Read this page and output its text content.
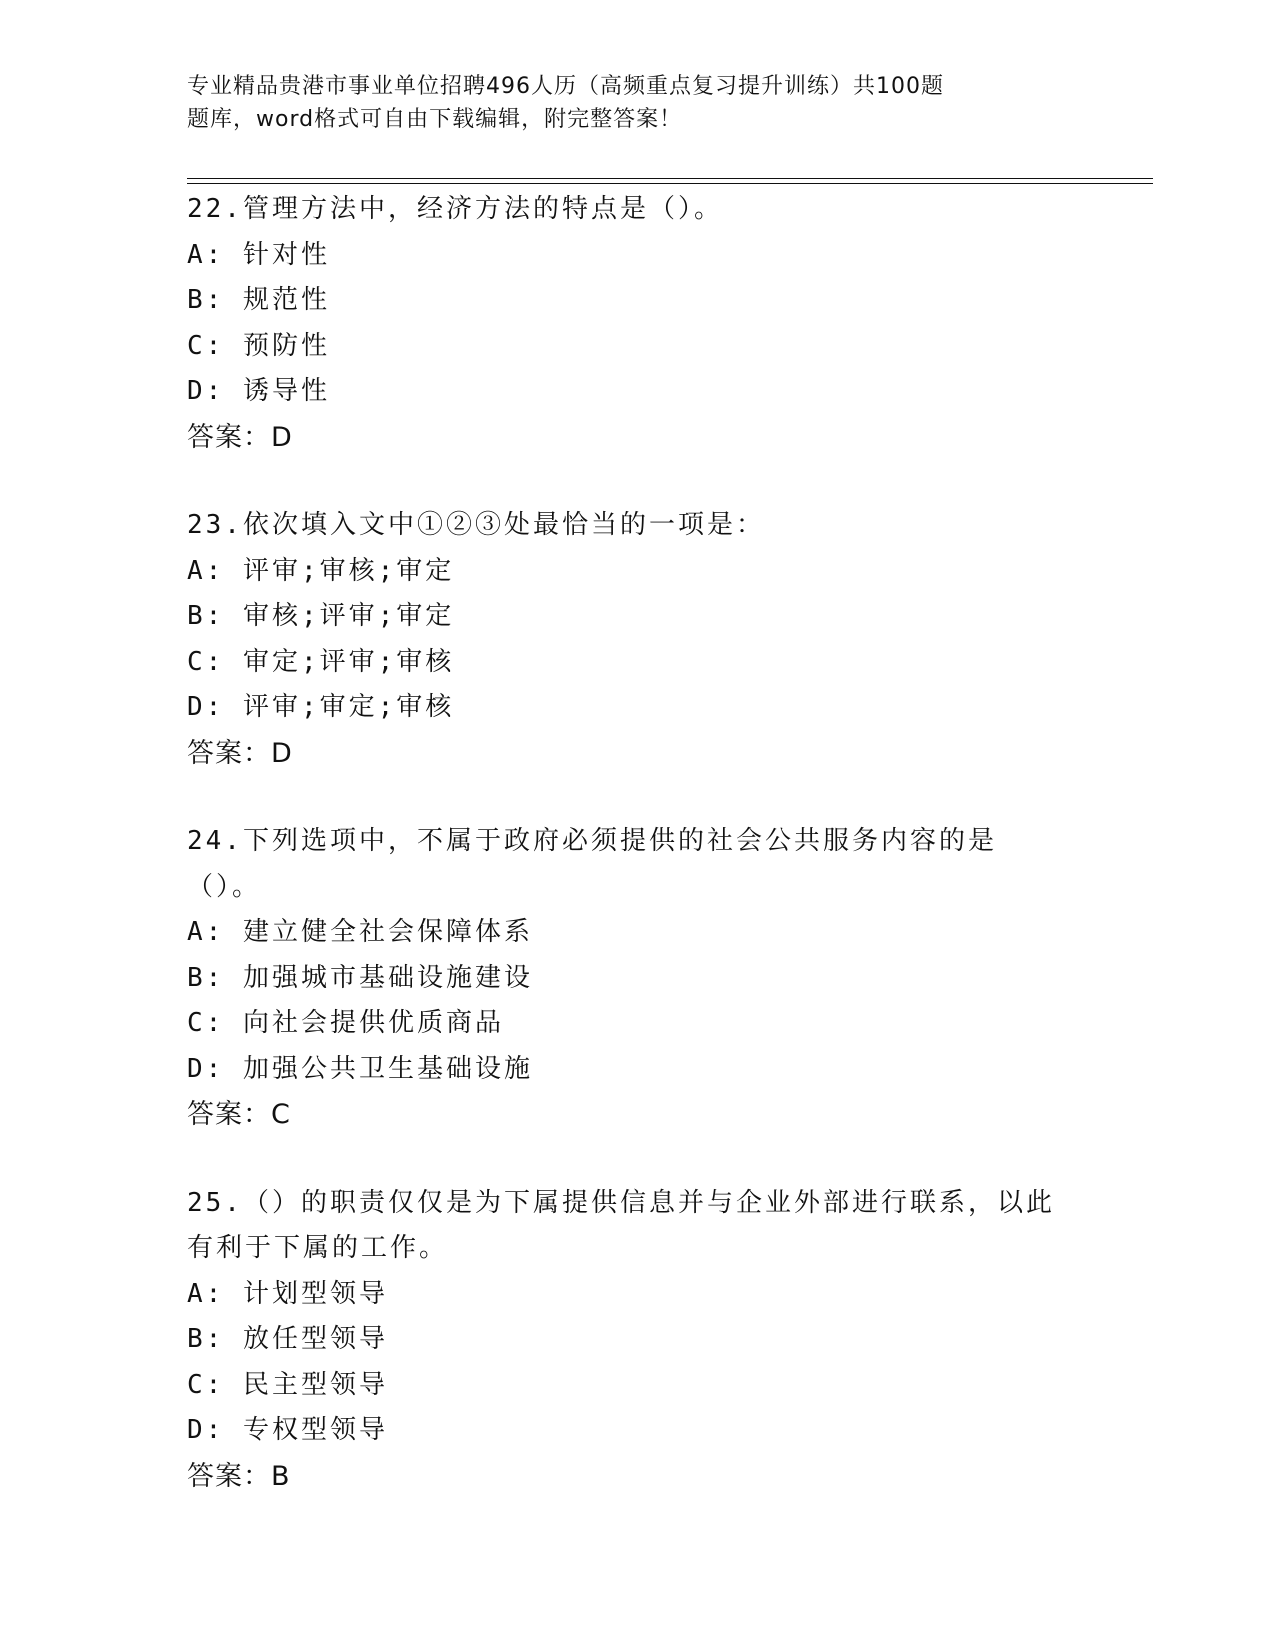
专业精品贵港市事业单位招聘496人历（高频重点复习提升训练）共100题
题库，word格式可自由下载编辑，附完整答案！
22.管理方法中，经济方法的特点是（）。
A: 针对性
B: 规范性
C: 预防性
D: 诱导性
答案：D
23.依次填入文中①②③处最恰当的一项是：
A: 评审;审核;审定
B: 审核;评审;审定
C: 审定;评审;审核
D: 评审;审定;审核
答案：D
24.下列选项中，不属于政府必须提供的社会公共服务内容的是（）。
A: 建立健全社会保障体系
B: 加强城市基础设施建设
C: 向社会提供优质商品
D: 加强公共卫生基础设施
答案：C
25.（）的职责仅仅是为下属提供信息并与企业外部进行联系，以此有利于下属的工作。
A: 计划型领导
B: 放任型领导
C: 民主型领导
D: 专权型领导
答案：B
